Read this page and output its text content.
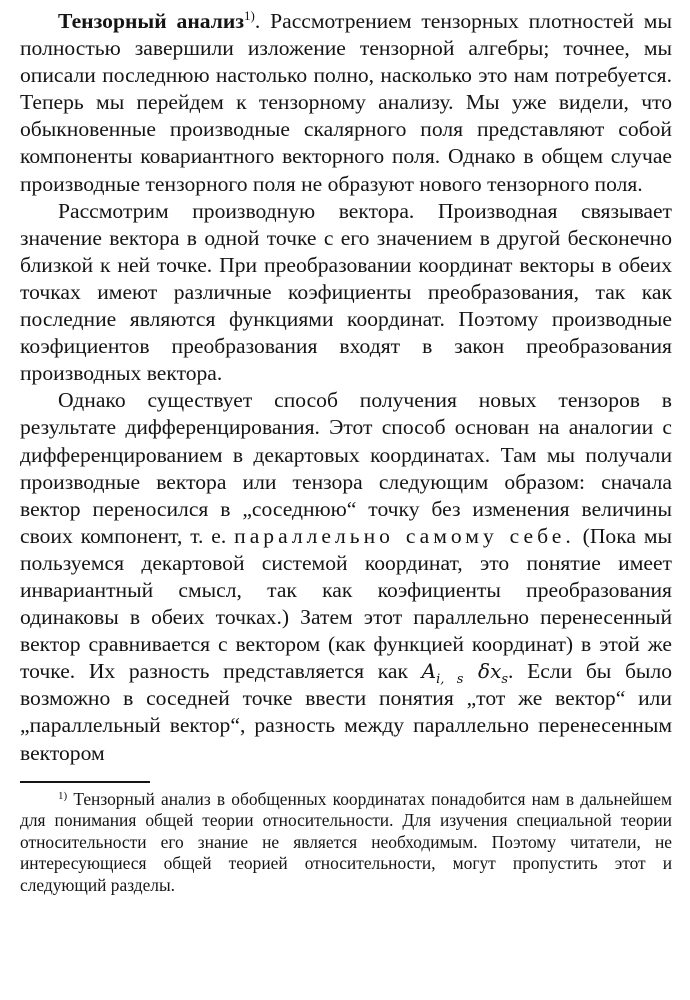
Тензорный анализ$^{1)}$. Рассмотрением тензорных плотностей мы полностью завершили изложение тензорной алгебры; точнее, мы описали последнюю настолько полно, насколько это нам потребуется. Теперь мы перейдем к тензорному анализу. Мы уже видели, что обыкновенные производные скалярного поля представляют собой компоненты ковариантного векторного поля. Однако в общем случае производные тензорного поля не образуют нового тензорного поля.

Рассмотрим производную вектора. Производная связывает значение вектора в одной точке с его значением в другой бесконечно близкой к ней точке. При преобразовании координат векторы в обеих точках имеют различные коэфициенты преобразования, так как последние являются функциями координат. Поэтому производные коэфициентов преобразования входят в закон преобразования производных вектора.

Однако существует способ получения новых тензоров в результате дифференцирования. Этот способ основан на аналогии с дифференцированием в декартовых координатах. Там мы получали производные вектора или тензора следующим образом: сначала вектор переносился в „соседнюю“ точку без изменения величины своих компонент, т. е. параллельно самому себе. (Пока мы пользуемся декартовой системой координат, это понятие имеет инвариантный смысл, так как коэфициенты преобразования одинаковы в обеих точках.) Затем этот параллельно перенесенный вектор сравнивается с вектором (как функцией координат) в этой же точке. Их разность представляется как $A_{i, s}$ $\delta x_s$. Если бы было возможно в соседней точке ввести понятия „тот же вектор“ или „параллельный вектор“, разность между параллельно перенесенным вектором

$^{1)}$ Тензорный анализ в обобщенных координатах понадобится нам в дальнейшем для понимания общей теории относительности. Для изучения специальной теории относительности его знание не является необходимым. Поэтому читатели, не интересующиеся общей теорией относительности, могут пропустить этот и следующий разделы.
